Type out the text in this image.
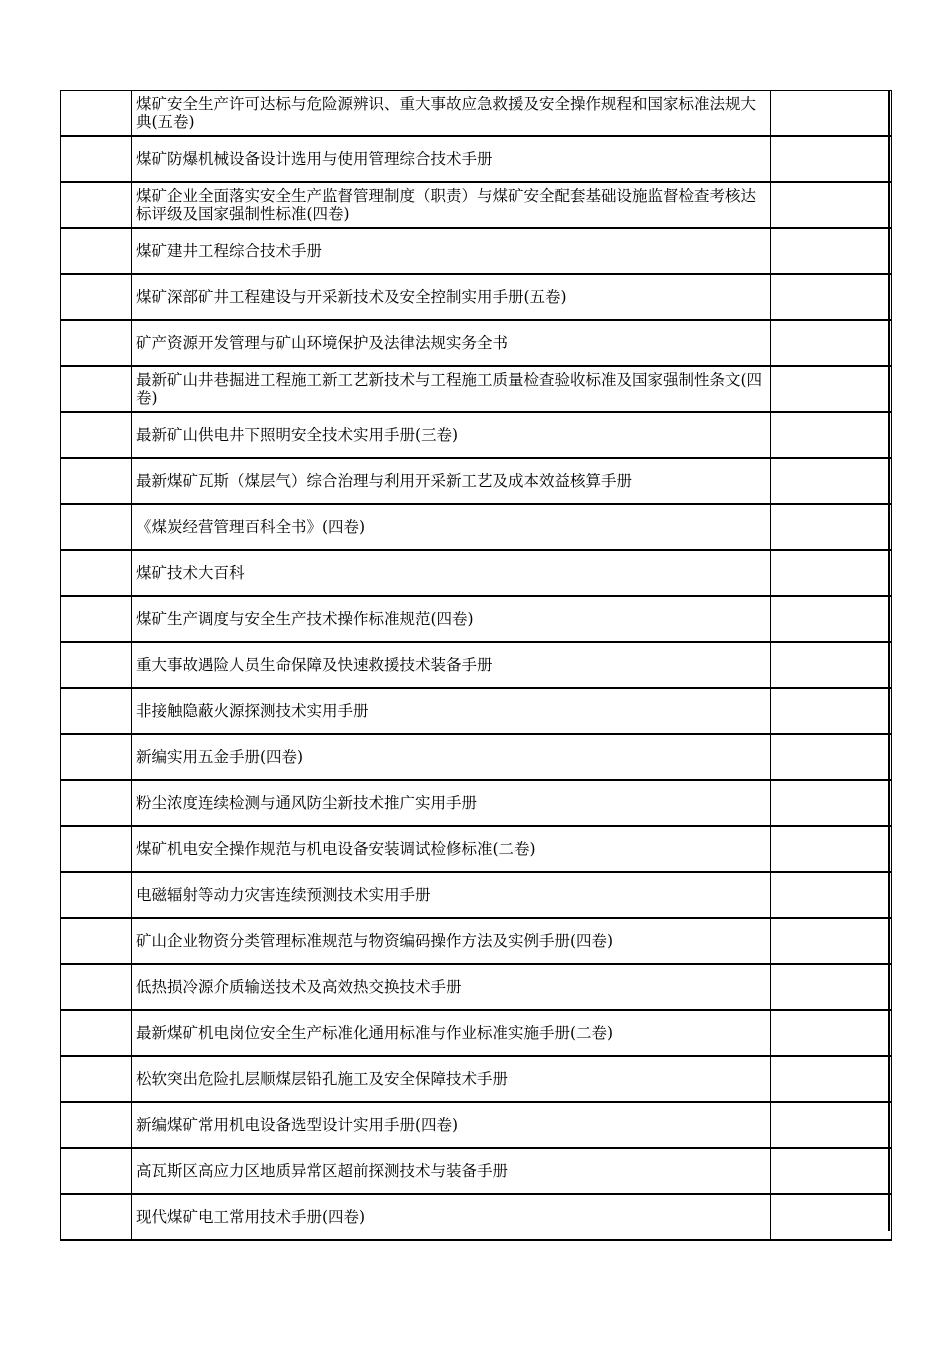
	煤矿安全生产许可达标与危险源辨识、重大事故应急救援及安全操作规程和国家标准法规大典(五卷)	

	煤矿防爆机械设备设计选用与使用管理综合技术手册	

	煤矿企业全面落实安全生产监督管理制度（职责）与煤矿安全配套基础设施监督检查考核达标评级及国家强制性标准(四卷)	

	煤矿建井工程综合技术手册	

	煤矿深部矿井工程建设与开采新技术及安全控制实用手册(五卷)	

	矿产资源开发管理与矿山环境保护及法律法规实务全书	

	最新矿山井巷掘进工程施工新工艺新技术与工程施工质量检查验收标准及国家强制性条文(四卷)	

	最新矿山供电井下照明安全技术实用手册(三卷)	

	最新煤矿瓦斯（煤层气）综合治理与利用开采新工艺及成本效益核算手册	

	《煤炭经营管理百科全书》(四卷)	

	煤矿技术大百科	

	煤矿生产调度与安全生产技术操作标准规范(四卷)	

	重大事故遇险人员生命保障及快速救援技术装备手册	

	非接触隐蔽火源探测技术实用手册	

	新编实用五金手册(四卷)	

	粉尘浓度连续检测与通风防尘新技术推广实用手册	

	煤矿机电安全操作规范与机电设备安装调试检修标准(二卷)	

	电磁辐射等动力灾害连续预测技术实用手册	

	矿山企业物资分类管理标准规范与物资编码操作方法及实例手册(四卷)	

	低热损冷源介质输送技术及高效热交换技术手册	

	最新煤矿机电岗位安全生产标准化通用标准与作业标准实施手册(二卷)	

	松软突出危险扎层顺煤层铅孔施工及安全保障技术手册	

	新编煤矿常用机电设备选型设计实用手册(四卷)	

	高瓦斯区高应力区地质异常区超前探测技术与装备手册	

	现代煤矿电工常用技术手册(四卷)	
